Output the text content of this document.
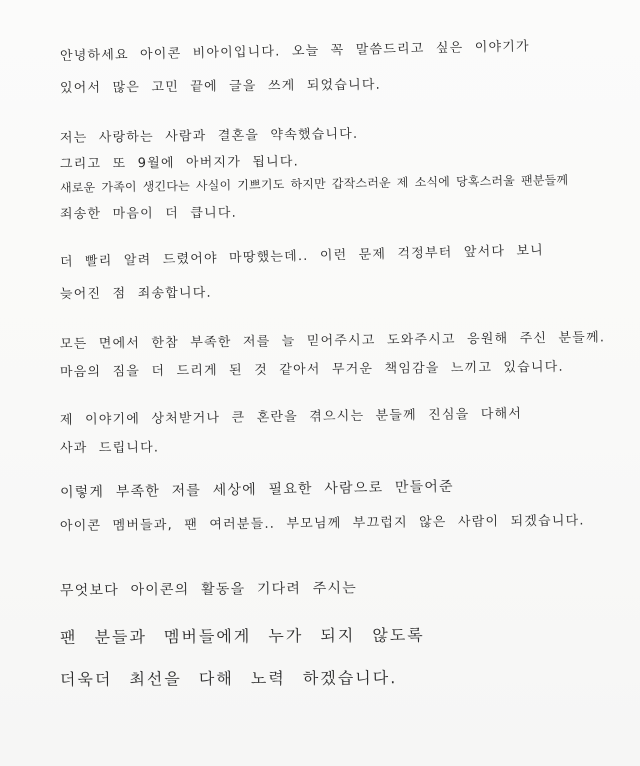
안녕하세요 아이콘 비아이입니다. 오늘 꼭 말씀드리고 싶은 이야기가
있어서 많은 고민 끝에 글을 쓰게 되었습니다.
저는 사랑하는 사람과 결혼을 약속했습니다.
그리고 또 9월에 아버지가 됩니다.
새로운 가족이 생긴다는 사실이 기쁘기도 하지만 갑작스러운 제 소식에 당혹스러울 팬분들께
죄송한 마음이 더 큽니다.
더 빨리 알려 드렸어야 마땅했는데.. 이런 문제 걱정부터 앞서다 보니
늦어진 점 죄송합니다.
모든 면에서 한참 부족한 저를 늘 믿어주시고 도와주시고 응원해 주신 분들께.
마음의 짐을 더 드리게 된 것 같아서 무거운 책임감을 느끼고 있습니다.
제 이야기에 상처받거나 큰 혼란을 겪으시는 분들께 진심을 다해서
사과 드립니다.
이렇게 부족한 저를 세상에 필요한 사람으로 만들어준
아이콘 멤버들과, 팬 여러분들.. 부모님께 부끄럽지 않은 사람이 되겠습니다.
무엇보다 아이콘의 활동을 기다려 주시는
팬 분들과 멤버들에게 누가 되지 않도록
더욱더 최선을 다해 노력 하겠습니다.
